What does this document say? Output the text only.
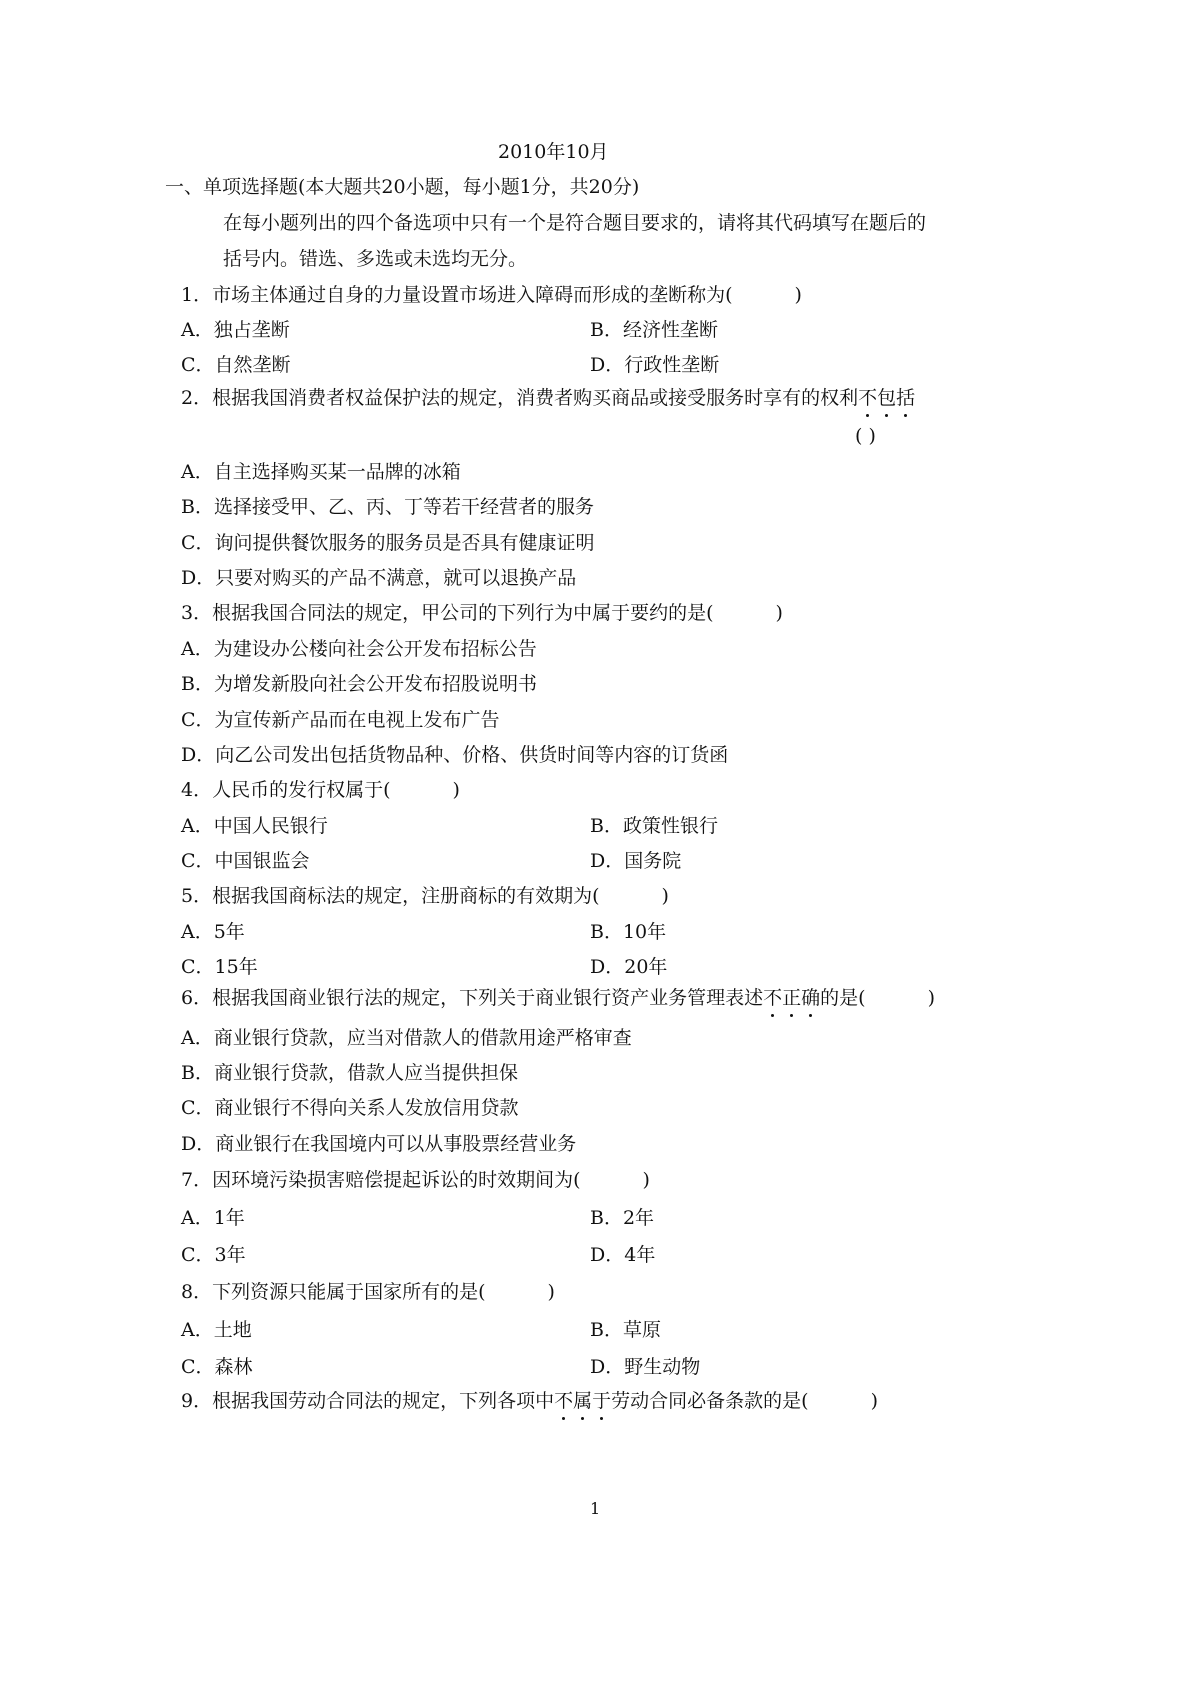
2010年10月
一、单项选择题(本大题共20小题，每小题1分，共20分)
在每小题列出的四个备选项中只有一个是符合题目要求的，请将其代码填写在题后的
括号内。错选、多选或未选均无分。
1．市场主体通过自身的力量设置市场进入障碍而形成的垄断称为(	)
A．独占垄断	B．经济性垄断
C．自然垄断	D．行政性垄断
2．根据我国消费者权益保护法的规定，消费者购买商品或接受服务时享有的权利不包括
( )
A．自主选择购买某一品牌的冰箱
B．选择接受甲、乙、丙、丁等若干经营者的服务
C．询问提供餐饮服务的服务员是否具有健康证明
D．只要对购买的产品不满意，就可以退换产品
3．根据我国合同法的规定，甲公司的下列行为中属于要约的是(	)
A．为建设办公楼向社会公开发布招标公告
B．为增发新股向社会公开发布招股说明书
C．为宣传新产品而在电视上发布广告
D．向乙公司发出包括货物品种、价格、供货时间等内容的订货函
4．人民币的发行权属于(	)
A．中国人民银行	B．政策性银行
C．中国银监会	D．国务院
5．根据我国商标法的规定，注册商标的有效期为(	)
A．5年	B．10年
C．15年	D．20年
6．根据我国商业银行法的规定，下列关于商业银行资产业务管理表述不正确的是(	)
A．商业银行贷款，应当对借款人的借款用途严格审查
B．商业银行贷款，借款人应当提供担保
C．商业银行不得向关系人发放信用贷款
D．商业银行在我国境内可以从事股票经营业务
7．因环境污染损害赔偿提起诉讼的时效期间为(	)
A．1年	B．2年
C．3年	D．4年
8．下列资源只能属于国家所有的是(	)
A．土地	B．草原
C．森林	D．野生动物
9．根据我国劳动合同法的规定，下列各项中不属于劳动合同必备条款的是(	)
1
